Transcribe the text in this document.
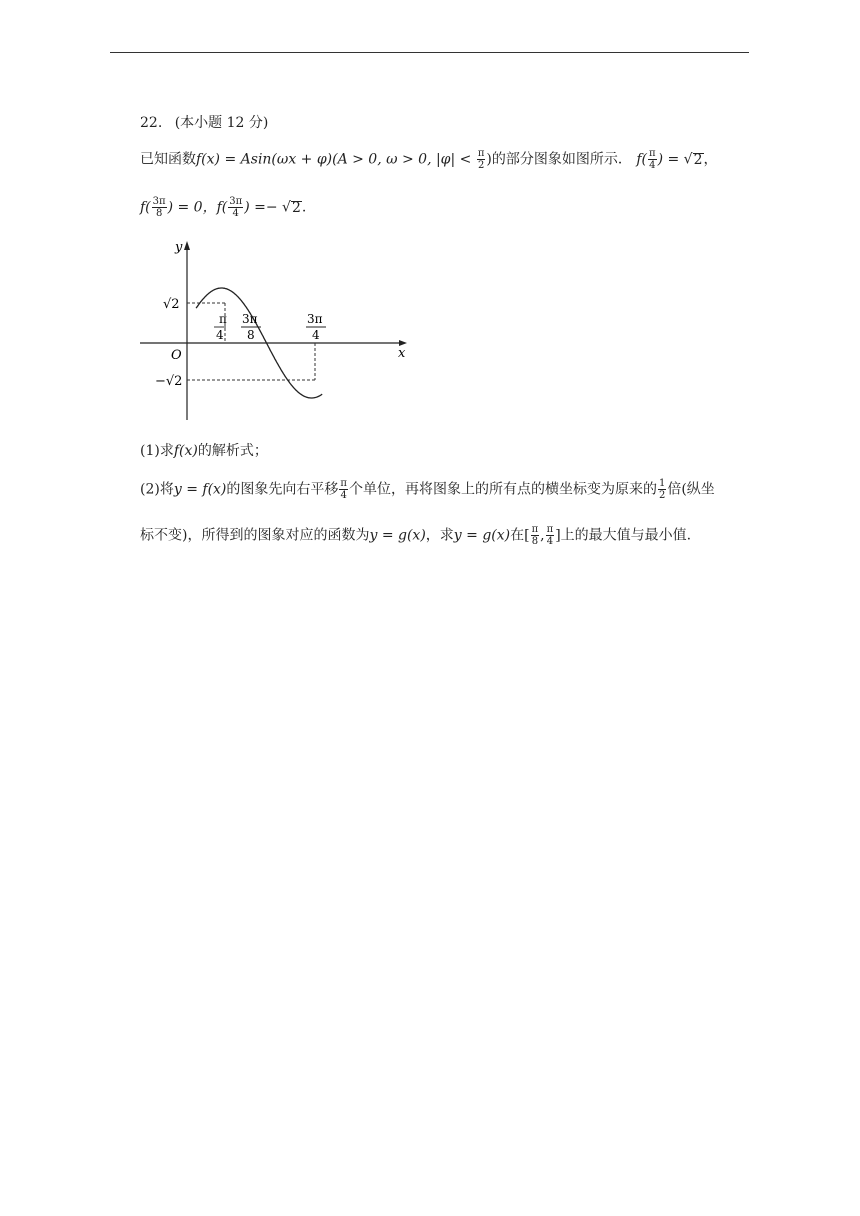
22. (本小题 12 分)
已知函数f(x) = Asin(ωx + φ)(A > 0, ω > 0, $|\varphi| < \frac{\pi}{2}$ )的部分图象如图所示． $f( \frac{\pi}{4}$ ) = √2，
$f( \frac{3\pi}{8}$ ) = 0，$f( \frac{3\pi}{4}$ ) =− √2.
y
x
O
√2
−√2
π
4
3π
8
3π
4
(1)求f(x)的解析式；
(2)将y = f(x)的图象先向右平移 $\frac{\pi}{4}$ 个单位，再将图象上的所有点的横坐标变为原来的 $\frac{1}{2}$ 倍(纵坐
标不变)，所得到的图象对应的函数为y = g(x)，求y = g(x)在[ $\frac{\pi}{8}$ , $\frac{\pi}{4}$ ]上的最大值与最小值.
